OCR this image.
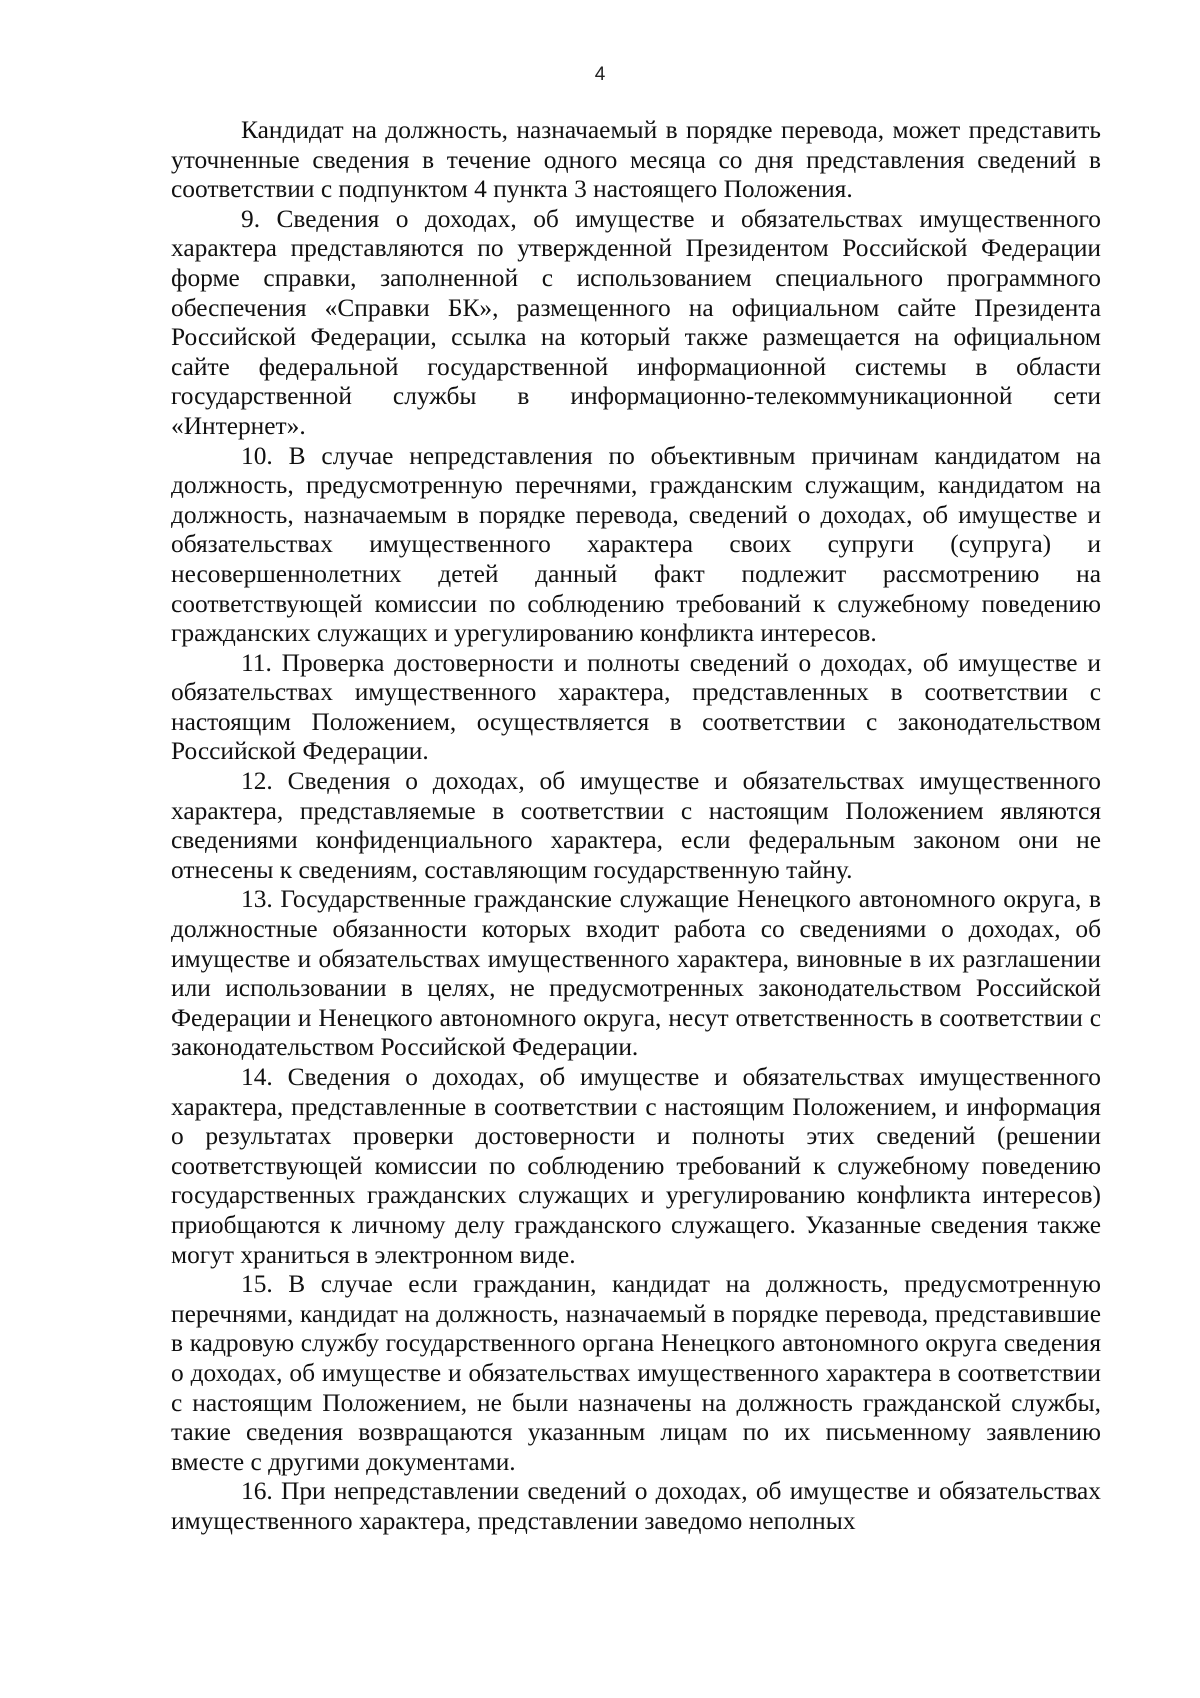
4

Кандидат на должность, назначаемый в порядке перевода, может представить уточненные сведения в течение одного месяца со дня представления сведений в соответствии с подпунктом 4 пункта 3 настоящего Положения.

9. Сведения о доходах, об имуществе и обязательствах имущественного характера представляются по утвержденной Президентом Российской Федерации форме справки, заполненной с использованием специального программного обеспечения «Справки БК», размещенного на официальном сайте Президента Российской Федерации, ссылка на который также размещается на официальном сайте федеральной государственной информационной системы в области государственной службы в информационно-телекоммуникационной сети «Интернет».

10. В случае непредставления по объективным причинам кандидатом на должность, предусмотренную перечнями, гражданским служащим, кандидатом на должность, назначаемым в порядке перевода, сведений о доходах, об имуществе и обязательствах имущественного характера своих супруги (супруга) и несовершеннолетних детей данный факт подлежит рассмотрению на соответствующей комиссии по соблюдению требований к служебному поведению гражданских служащих и урегулированию конфликта интересов.

11. Проверка достоверности и полноты сведений о доходах, об имуществе и обязательствах имущественного характера, представленных в соответствии с настоящим Положением, осуществляется в соответствии с законодательством Российской Федерации.

12. Сведения о доходах, об имуществе и обязательствах имущественного характера, представляемые в соответствии с настоящим Положением являются сведениями конфиденциального характера, если федеральным законом они не отнесены к сведениям, составляющим государственную тайну.

13. Государственные гражданские служащие Ненецкого автономного округа, в должностные обязанности которых входит работа со сведениями о доходах, об имуществе и обязательствах имущественного характера, виновные в их разглашении или использовании в целях, не предусмотренных законодательством Российской Федерации и Ненецкого автономного округа, несут ответственность в соответствии с законодательством Российской Федерации.

14. Сведения о доходах, об имуществе и обязательствах имущественного характера, представленные в соответствии с настоящим Положением, и информация о результатах проверки достоверности и полноты этих сведений (решении соответствующей комиссии по соблюдению требований к служебному поведению государственных гражданских служащих и урегулированию конфликта интересов) приобщаются к личному делу гражданского служащего. Указанные сведения также могут храниться в электронном виде.

15. В случае если гражданин, кандидат на должность, предусмотренную перечнями, кандидат на должность, назначаемый в порядке перевода, представившие в кадровую службу государственного органа Ненецкого автономного округа сведения о доходах, об имуществе и обязательствах имущественного характера в соответствии с настоящим Положением, не были назначены на должность гражданской службы, такие сведения возвращаются указанным лицам по их письменному заявлению вместе с другими документами.

16. При непредставлении сведений о доходах, об имуществе и обязательствах имущественного характера, представлении заведомо неполных
